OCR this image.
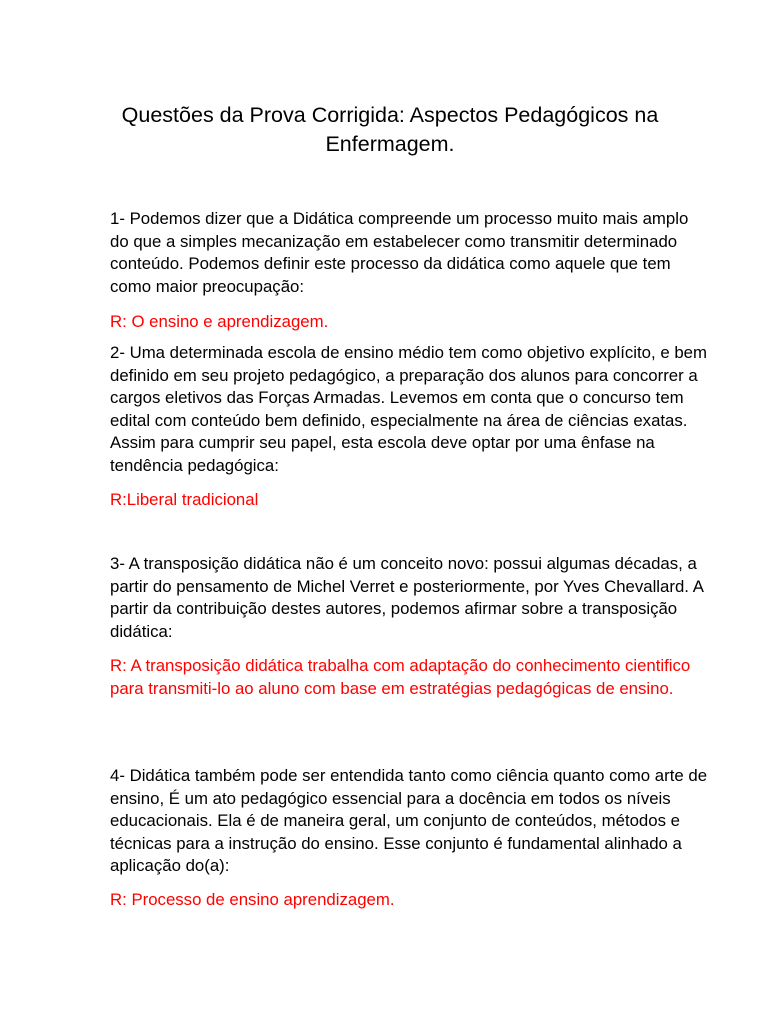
Questões da Prova Corrigida: Aspectos Pedagógicos na Enfermagem.

1- Podemos dizer que a Didática compreende um processo muito mais amplo do que a simples mecanização em estabelecer como transmitir determinado conteúdo. Podemos definir este processo da didática como aquele que tem como maior preocupação:

R: O ensino e aprendizagem.

2- Uma determinada escola de ensino médio tem como objetivo explícito, e bem definido em seu projeto pedagógico, a preparação dos alunos para concorrer a cargos eletivos das Forças Armadas. Levemos em conta que o concurso tem edital com conteúdo bem definido, especialmente na área de ciências exatas. Assim para cumprir seu papel, esta escola deve optar por uma ênfase na tendência pedagógica:

R:Liberal tradicional

3- A transposição didática não é um conceito novo: possui algumas décadas, a partir do pensamento de Michel Verret e posteriormente, por Yves Chevallard. A partir da contribuição destes autores, podemos afirmar sobre a transposição didática:

R: A transposição didática trabalha com adaptação do conhecimento cientifico para transmiti-lo ao aluno com base em estratégias pedagógicas de ensino.

4- Didática também pode ser entendida tanto como ciência quanto como arte de ensino, É um ato pedagógico essencial para a docência em todos os níveis educacionais. Ela é de maneira geral, um conjunto de conteúdos, métodos e técnicas para a instrução do ensino. Esse conjunto é fundamental alinhado a aplicação do(a):

R: Processo de ensino aprendizagem.
